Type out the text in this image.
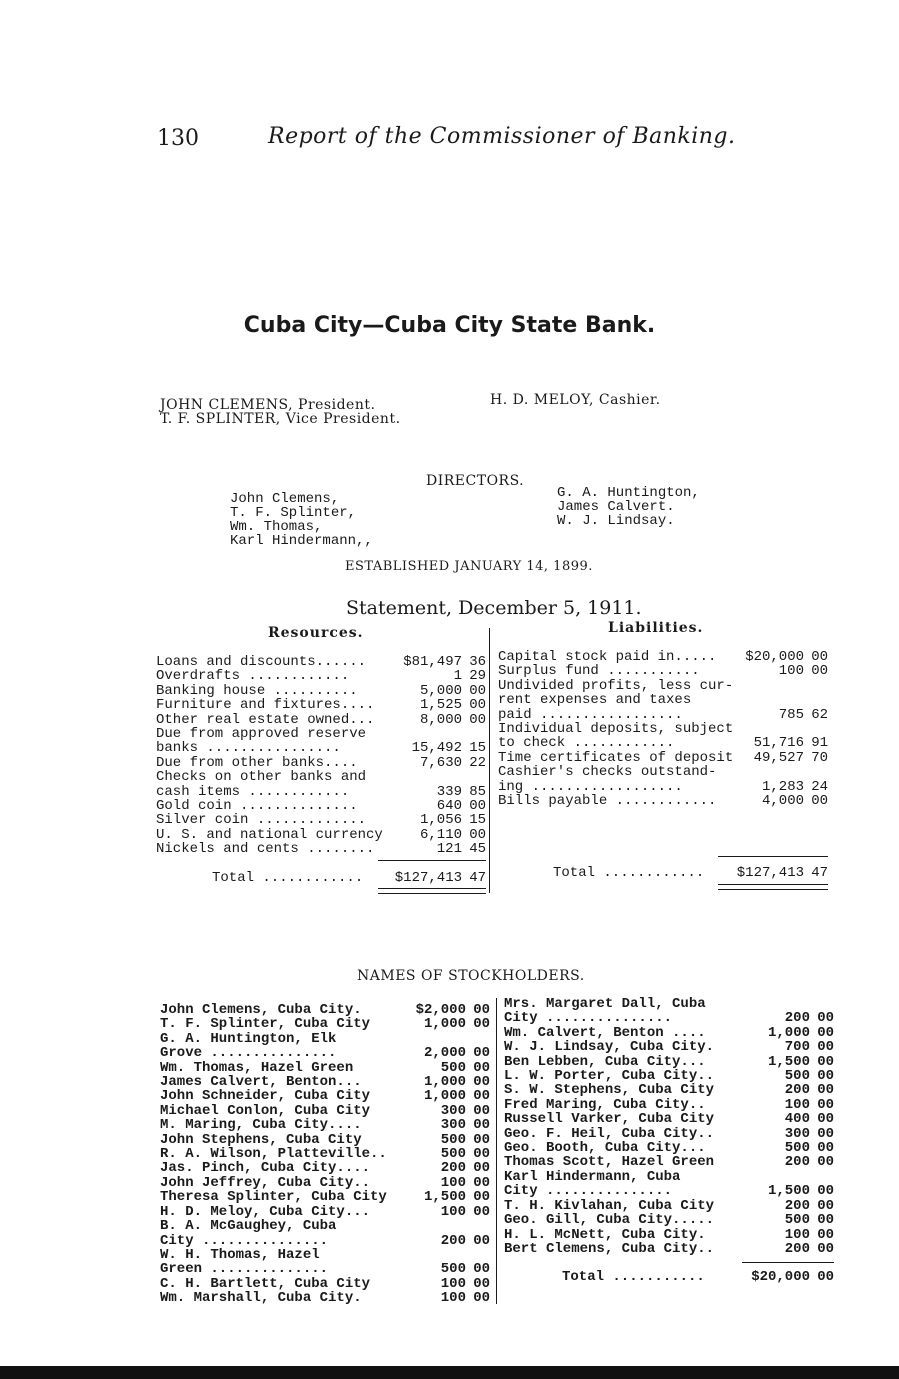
130	Report of the Commissioner of Banking.
Cuba City—Cuba City State Bank.
JOHN CLEMENS, President.
T. F. SPLINTER, Vice President.
H. D. MELOY, Cashier.
DIRECTORS.
John Clemens,
T. F. Splinter,
Wm. Thomas,
Karl Hindermann,,
G. A. Huntington,
James Calvert.
W. J. Lindsay.
ESTABLISHED JANUARY 14, 1899.
Statement, December 5, 1911.
Resources.	Liabilities.
Loans and discounts......	$81,497 36
Overdrafts ............	1 29
Banking house ..........	5,000 00
Furniture and fixtures....	1,525 00
Other real estate owned...	8,000 00
Due from approved reserve
banks ................	15,492 15
Due from other banks....	7,630 22
Checks on other banks and
cash items ............	339 85
Gold coin ..............	640 00
Silver coin .............	1,056 15
U. S. and national currency	6,110 00
Nickels and cents ........	121 45
Total ............	$127,413 47
Capital stock paid in.....	$20,000 00
Surplus fund ...........	100 00
Undivided profits, less cur-
rent expenses and taxes
paid .................	785 62
Individual deposits, subject
to check ............	51,716 91
Time certificates of deposit	49,527 70
Cashier's checks outstand-
ing ..................	1,283 24
Bills payable ............	4,000 00
Total ............	$127,413 47
NAMES OF STOCKHOLDERS.
John Clemens, Cuba City.	$2,000 00
T. F. Splinter, Cuba City	1,000 00
G. A. Huntington, Elk
Grove ...............	2,000 00
Wm. Thomas, Hazel Green	500 00
James Calvert, Benton...	1,000 00
John Schneider, Cuba City	1,000 00
Michael Conlon, Cuba City	300 00
M. Maring, Cuba City....	300 00
John Stephens, Cuba City	500 00
R. A. Wilson, Platteville..	500 00
Jas. Pinch, Cuba City....	200 00
John Jeffrey, Cuba City..	100 00
Theresa Splinter, Cuba City	1,500 00
H. D. Meloy, Cuba City...	100 00
B. A. McGaughey, Cuba
City ...............	200 00
W. H. Thomas, Hazel
Green ..............	500 00
C. H. Bartlett, Cuba City	100 00
Wm. Marshall, Cuba City.	100 00
Mrs. Margaret Dall, Cuba
City ...............	200 00
Wm. Calvert, Benton ....	1,000 00
W. J. Lindsay, Cuba City.	700 00
Ben Lebben, Cuba City...	1,500 00
L. W. Porter, Cuba City..	500 00
S. W. Stephens, Cuba City	200 00
Fred Maring, Cuba City..	100 00
Russell Varker, Cuba City	400 00
Geo. F. Heil, Cuba City..	300 00
Geo. Booth, Cuba City...	500 00
Thomas Scott, Hazel Green	200 00
Karl Hindermann, Cuba
City ...............	1,500 00
T. H. Kivlahan, Cuba City	200 00
Geo. Gill, Cuba City.....	500 00
H. L. McNett, Cuba City.	100 00
Bert Clemens, Cuba City..	200 00
Total ...........	$20,000 00
